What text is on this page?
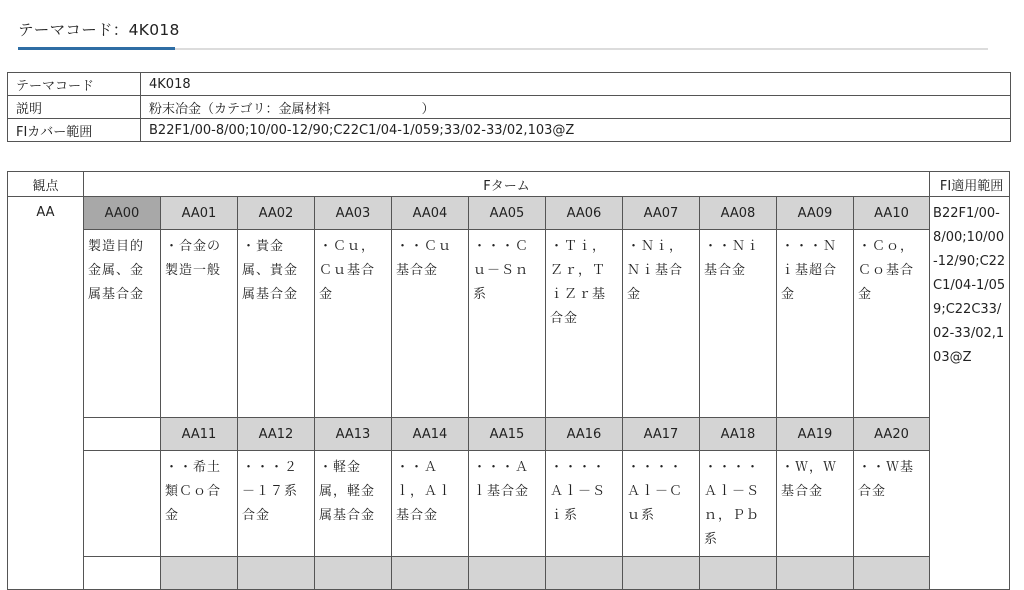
テーマコード：4K018
テーマコード	4K018
説明	粉末冶金（カテゴリ：金属材料　　　　　　　）
FIカバー範囲	B22F1/00-8/00;10/00-12/90;C22C1/04-1/059;33/02-33/02,103@Z
観点	Fターム											FI適用範囲
AA	AA00	AA01	AA02	AA03	AA04	AA05	AA06	AA07	AA08	AA09	AA10	B22F1/00-8/00;10/00-12/90;C22C1/04-1/059;C22C33/02-33/02,103@Z
	製造目的金属、金属基合金	・合金の製造一般	・貴金属、貴金属基合金	・Ｃｕ，Ｃｕ基合金	・・Ｃｕ基合金	・・・Ｃｕ－Ｓｎ系	・Ｔｉ，Ｚｒ，ＴｉＺｒ基合金	・Ｎｉ，Ｎｉ基合金	・・Ｎｉ基合金	・・・Ｎｉ基超合金	・Ｃｏ，Ｃｏ基合金	
		AA11	AA12	AA13	AA14	AA15	AA16	AA17	AA18	AA19	AA20	
		・・希土類Ｃｏ合金	・・・２－１７系合金	・軽金属，軽金属基合金	・・Ａｌ，Ａｌ基合金	・・・Ａｌ基合金	・・・・Ａｌ－Ｓｉ系	・・・・Ａｌ－Ｃｕ系	・・・・Ａｌ－Ｓｎ，Ｐｂ系	・Ｗ，Ｗ基合金	・・Ｗ基合金	
